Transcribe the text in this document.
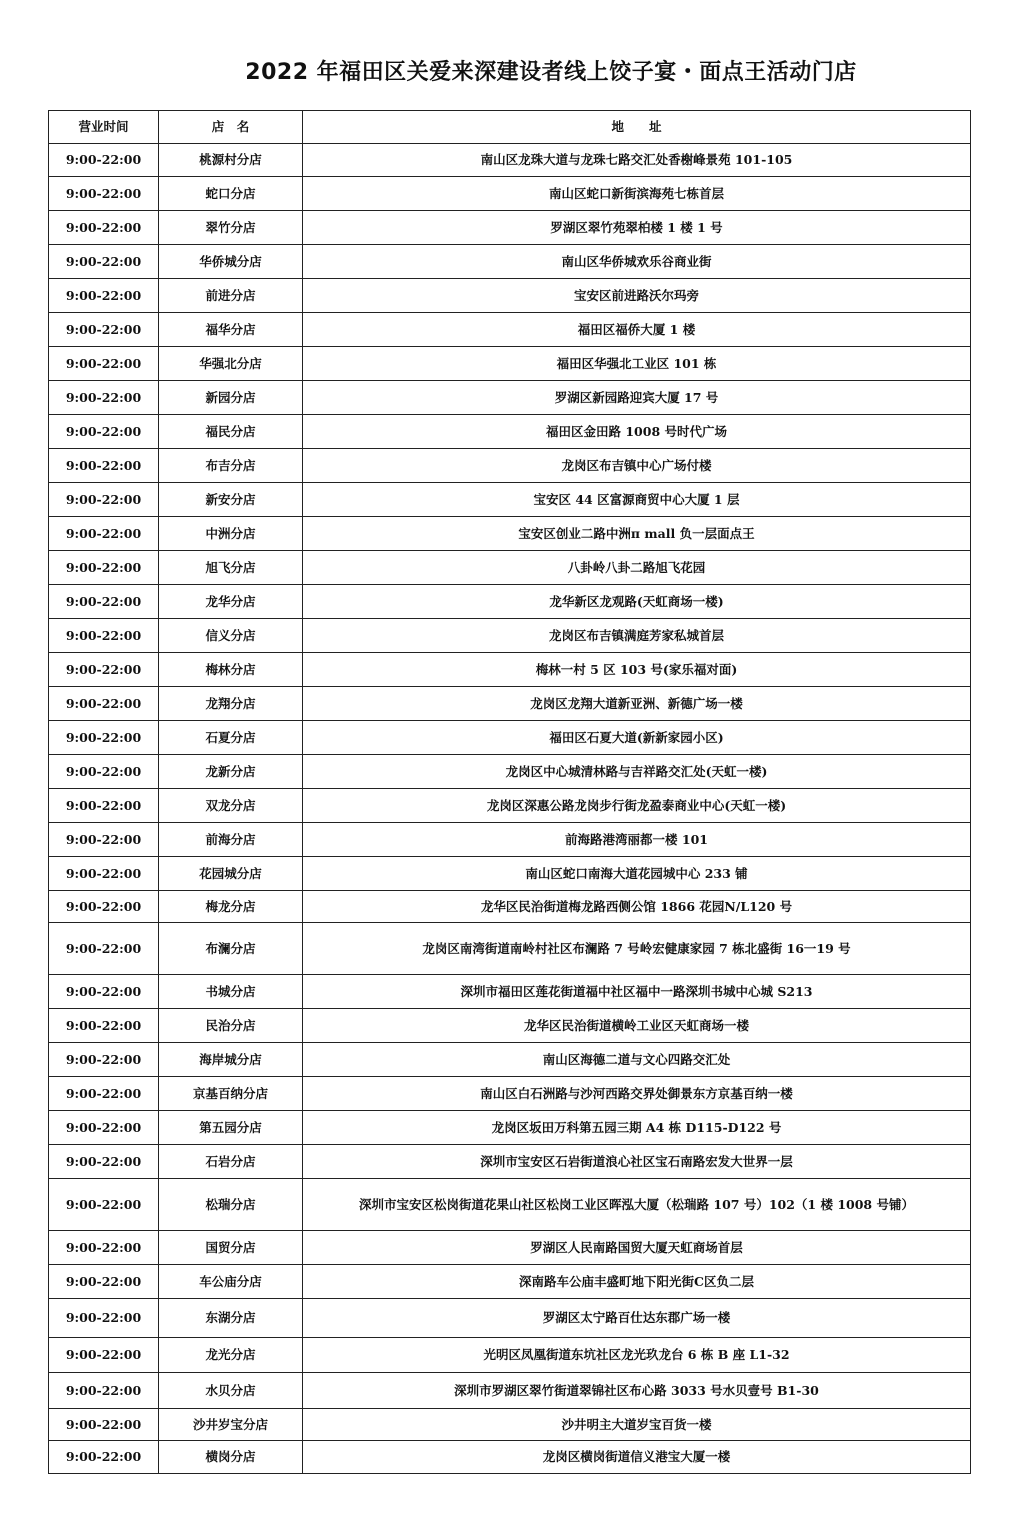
2022 年福田区关爱来深建设者线上饺子宴・面点王活动门店
营业时间	店　名	地　　址
9:00-22:00	桃源村分店	南山区龙珠大道与龙珠七路交汇处香榭峰景苑 101-105
9:00-22:00	蛇口分店	南山区蛇口新街滨海苑七栋首层
9:00-22:00	翠竹分店	罗湖区翠竹苑翠柏楼 1 楼 1 号
9:00-22:00	华侨城分店	南山区华侨城欢乐谷商业街
9:00-22:00	前进分店	宝安区前进路沃尔玛旁
9:00-22:00	福华分店	福田区福侨大厦 1 楼
9:00-22:00	华强北分店	福田区华强北工业区 101 栋
9:00-22:00	新园分店	罗湖区新园路迎宾大厦 17 号
9:00-22:00	福民分店	福田区金田路 1008 号时代广场
9:00-22:00	布吉分店	龙岗区布吉镇中心广场付楼
9:00-22:00	新安分店	宝安区 44 区富源商贸中心大厦 1 层
9:00-22:00	中洲分店	宝安区创业二路中洲π mall 负一层面点王
9:00-22:00	旭飞分店	八卦岭八卦二路旭飞花园
9:00-22:00	龙华分店	龙华新区龙观路(天虹商场一楼)
9:00-22:00	信义分店	龙岗区布吉镇满庭芳家私城首层
9:00-22:00	梅林分店	梅林一村 5 区 103 号(家乐福对面)
9:00-22:00	龙翔分店	龙岗区龙翔大道新亚洲、新德广场一楼
9:00-22:00	石夏分店	福田区石夏大道(新新家园小区)
9:00-22:00	龙新分店	龙岗区中心城清林路与吉祥路交汇处(天虹一楼)
9:00-22:00	双龙分店	龙岗区深惠公路龙岗步行街龙盈泰商业中心(天虹一楼)
9:00-22:00	前海分店	前海路港湾丽都一楼 101
9:00-22:00	花园城分店	南山区蛇口南海大道花园城中心 233 铺
9:00-22:00	梅龙分店	龙华区民治街道梅龙路西侧公馆 1866 花园N/L120 号
9:00-22:00	布澜分店	龙岗区南湾街道南岭村社区布澜路 7 号岭宏健康家园 7 栋北盛街 16一19 号
9:00-22:00	书城分店	深圳市福田区莲花街道福中社区福中一路深圳书城中心城 S213
9:00-22:00	民治分店	龙华区民治街道横岭工业区天虹商场一楼
9:00-22:00	海岸城分店	南山区海德二道与文心四路交汇处
9:00-22:00	京基百纳分店	南山区白石洲路与沙河西路交界处御景东方京基百纳一楼
9:00-22:00	第五园分店	龙岗区坂田万科第五园三期 A4 栋 D115-D122 号
9:00-22:00	石岩分店	深圳市宝安区石岩街道浪心社区宝石南路宏发大世界一层
9:00-22:00	松瑞分店	深圳市宝安区松岗街道花果山社区松岗工业区晖泓大厦（松瑞路 107 号）102（1 楼 1008 号铺）
9:00-22:00	国贸分店	罗湖区人民南路国贸大厦天虹商场首层
9:00-22:00	车公庙分店	深南路车公庙丰盛町地下阳光街C区负二层
9:00-22:00	东湖分店	罗湖区太宁路百仕达东郡广场一楼
9:00-22:00	龙光分店	光明区凤凰街道东坑社区龙光玖龙台 6 栋 B 座 L1-32
9:00-22:00	水贝分店	深圳市罗湖区翠竹街道翠锦社区布心路 3033 号水贝壹号 B1-30
9:00-22:00	沙井岁宝分店	沙井明主大道岁宝百货一楼
9:00-22:00	横岗分店	龙岗区横岗街道信义港宝大厦一楼
